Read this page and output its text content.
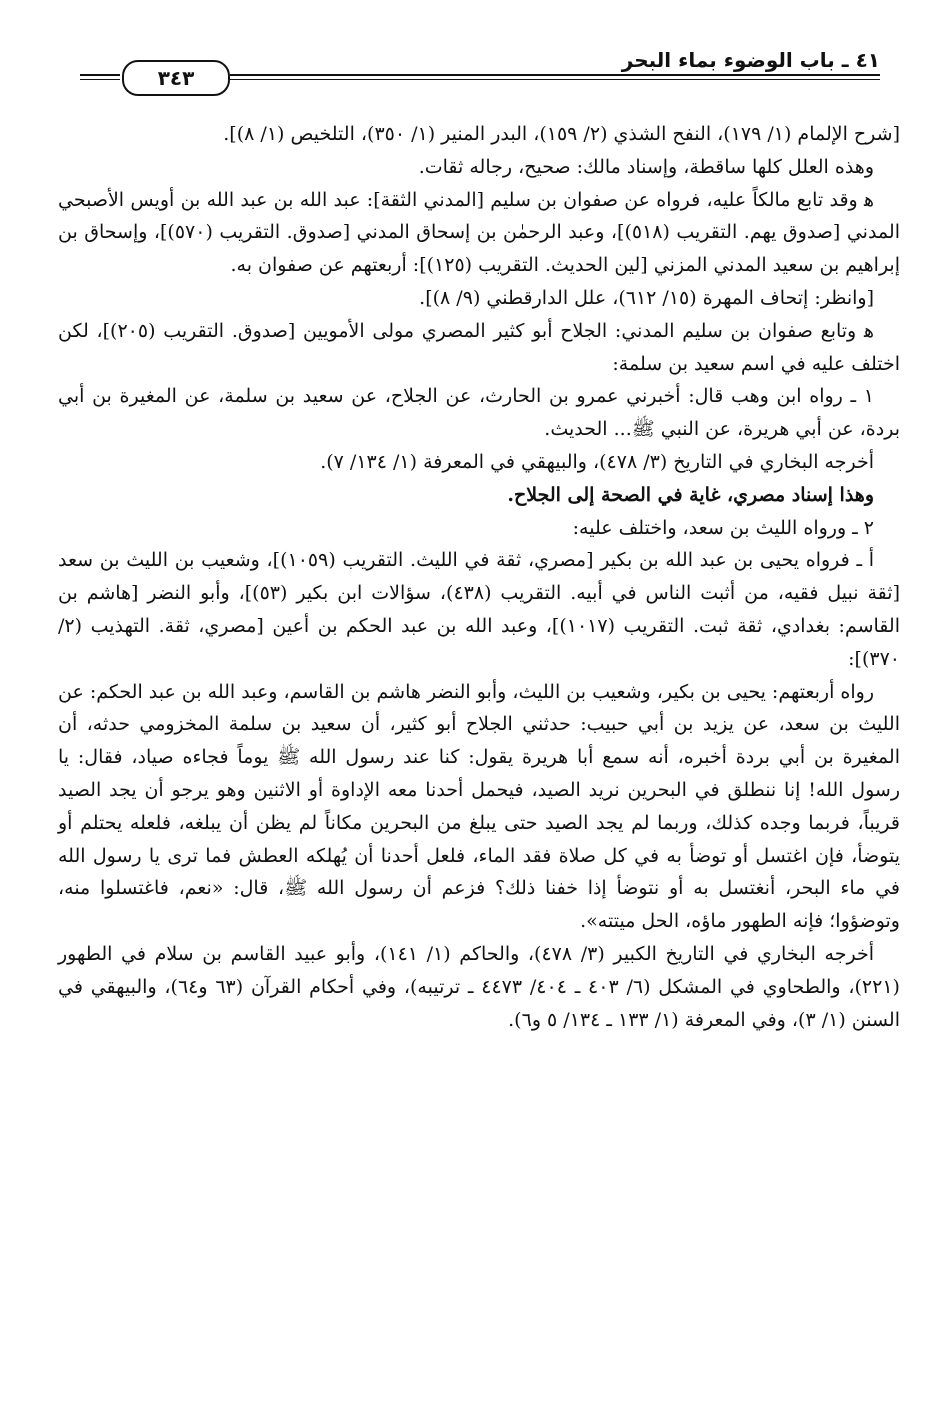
٤١ ـ باب الوضوء بماء البحر
٣٤٣

[شرح الإلمام (١/ ١٧٩)، النفح الشذي (٢/ ١٥٩)، البدر المنير (١/ ٣٥٠)، التلخيص (١/ ٨)].

وهذه العلل كلها ساقطة، وإسناد مالك: صحيح، رجاله ثقات.

ﻫ وقد تابع مالكاً عليه، فرواه عن صفوان بن سليم [المدني الثقة]: عبد الله بن عبد الله بن أويس الأصبحي المدني [صدوق يهم. التقريب (٥١٨)]، وعبد الرحمٰن بن إسحاق المدني [صدوق. التقريب (٥٧٠)]، وإسحاق بن إبراهيم بن سعيد المدني المزني [لين الحديث. التقريب (١٢٥)]: أربعتهم عن صفوان به.

[وانظر: إتحاف المهرة (١٥/ ٦١٢)، علل الدارقطني (٩/ ٨)].

ﻫ وتابع صفوان بن سليم المدني: الجلاح أبو كثير المصري مولى الأمويين [صدوق. التقريب (٢٠٥)]، لكن اختلف عليه في اسم سعيد بن سلمة:

١ ـ رواه ابن وهب قال: أخبرني عمرو بن الحارث، عن الجلاح، عن سعيد بن سلمة، عن المغيرة بن أبي بردة، عن أبي هريرة، عن النبي ﷺ... الحديث.

أخرجه البخاري في التاريخ (٣/ ٤٧٨)، والبيهقي في المعرفة (١/ ١٣٤/ ٧).

وهذا إسناد مصري، غاية في الصحة إلى الجلاح.

٢ ـ ورواه الليث بن سعد، واختلف عليه:

أ ـ فرواه يحيى بن عبد الله بن بكير [مصري، ثقة في الليث. التقريب (١٠٥٩)]، وشعيب بن الليث بن سعد [ثقة نبيل فقيه، من أثبت الناس في أبيه. التقريب (٤٣٨)، سؤالات ابن بكير (٥٣)]، وأبو النضر [هاشم بن القاسم: بغدادي، ثقة ثبت. التقريب (١٠١٧)]، وعبد الله بن عبد الحكم بن أعين [مصري، ثقة. التهذيب (٢/ ٣٧٠)]:

رواه أربعتهم: يحيى بن بكير، وشعيب بن الليث، وأبو النضر هاشم بن القاسم، وعبد الله بن عبد الحكم: عن الليث بن سعد، عن يزيد بن أبي حبيب: حدثني الجلاح أبو كثير، أن سعيد بن سلمة المخزومي حدثه، أن المغيرة بن أبي بردة أخبره، أنه سمع أبا هريرة يقول: كنا عند رسول الله ﷺ يوماً فجاءه صياد، فقال: يا رسول الله! إنا ننطلق في البحرين نريد الصيد، فيحمل أحدنا معه الإداوة أو الاثنين وهو يرجو أن يجد الصيد قريباً، فربما وجده كذلك، وربما لم يجد الصيد حتى يبلغ من البحرين مكاناً لم يظن أن يبلغه، فلعله يحتلم أو يتوضأ، فإن اغتسل أو توضأ به في كل صلاة فقد الماء، فلعل أحدنا أن يُهلكه العطش فما ترى يا رسول الله في ماء البحر، أنغتسل به أو نتوضأ إذا خفنا ذلك؟ فزعم أن رسول الله ﷺ، قال: «نعم، فاغتسلوا منه، وتوضؤوا؛ فإنه الطهور ماؤه، الحل ميتته».

أخرجه البخاري في التاريخ الكبير (٣/ ٤٧٨)، والحاكم (١/ ١٤١)، وأبو عبيد القاسم بن سلام في الطهور (٢٢١)، والطحاوي في المشكل (٦/ ٤٠٣ ـ ٤٠٤/ ٤٤٧٣ ـ ترتيبه)، وفي أحكام القرآن (٦٣ و٦٤)، والبيهقي في السنن (١/ ٣)، وفي المعرفة (١/ ١٣٣ ـ ١٣٤/ ٥ و٦).
